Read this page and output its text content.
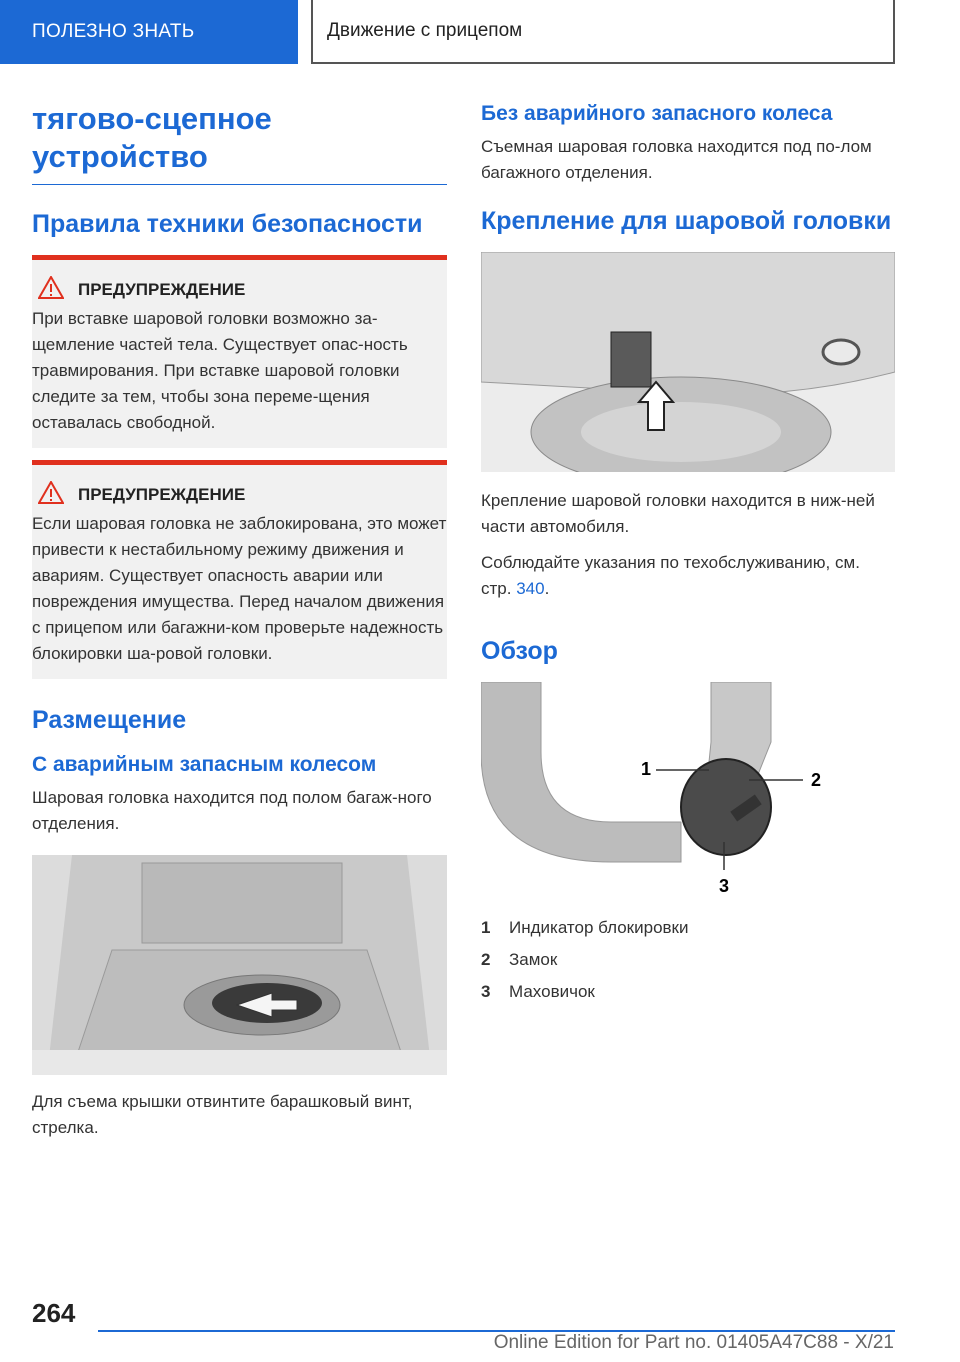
ПОЛЕЗНО ЗНАТЬ	Движение с прицепом
тягово-сцепное устройство
Правила техники безопасности
ПРЕДУПРЕЖДЕНИЕ

При вставке шаровой головки возможно за-щемление частей тела. Существует опас-ность травмирования. При вставке шаровой головки следите за тем, чтобы зона переме-щения оставалась свободной.

ПРЕДУПРЕЖДЕНИЕ

Если шаровая головка не заблокирована, это может привести к нестабильному режиму движения и авариям. Существует опасность аварии или повреждения имущества. Перед началом движения с прицепом или багажни-ком проверьте надежность блокировки ша-ровой головки.

Размещение
С аварийным запасным колесом

Шаровая головка находится под полом багаж-ного отделения.

Для съема крышки отвинтите барашковый винт, стрелка.

Без аварийного запасного колеса

Съемная шаровая головка находится под по-лом багажного отделения.

Крепление для шаровой головки

Крепление шаровой головки находится в ниж-ней части автомобиля.

Соблюдайте указания по техобслуживанию, см. стр. 340.

Обзор
1
2
3
1	Индикатор блокировки
2	Замок
3	Маховичок
264
Online Edition for Part no. 01405A47C88 - X/21
